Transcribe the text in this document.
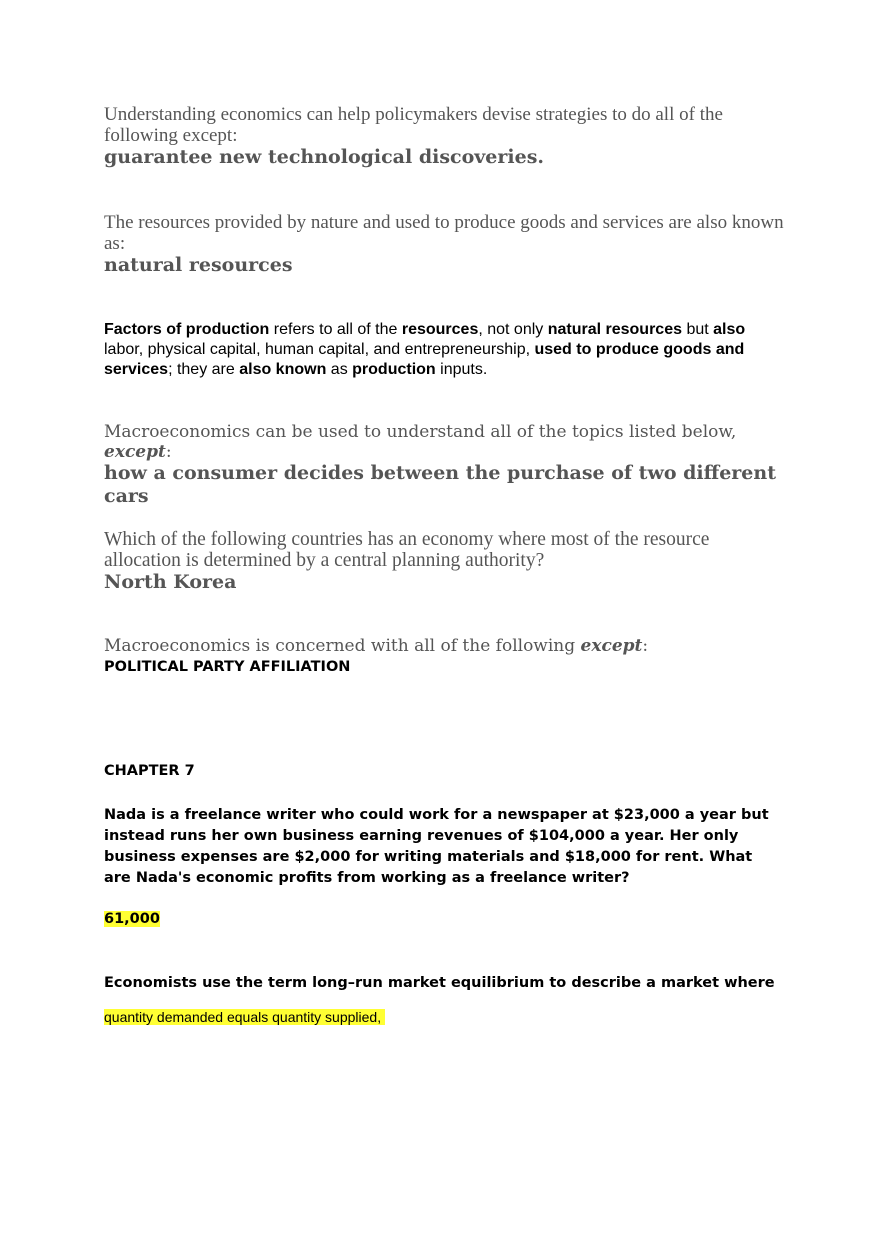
Understanding economics can help policymakers devise strategies to do all of the following except:
guarantee new technological discoveries.
The resources provided by nature and used to produce goods and services are also known as:
natural resources
Factors of production refers to all of the resources, not only natural resources but also labor, physical capital, human capital, and entrepreneurship, used to produce goods and services; they are also known as production inputs.
Macroeconomics can be used to understand all of the topics listed below, except:
how a consumer decides between the purchase of two different cars
Which of the following countries has an economy where most of the resource allocation is determined by a central planning authority?
North Korea
Macroeconomics is concerned with all of the following except:
POLITICAL PARTY AFFILIATION
CHAPTER 7
Nada is a freelance writer who could work for a newspaper at $23,000 a year but instead runs her own business earning revenues of $104,000 a year. Her only business expenses are $2,000 for writing materials and $18,000 for rent. What are Nada's economic profits from working as a freelance writer?
61,000
Economists use the term long–run market equilibrium to describe a market where
quantity demanded equals quantity supplied,
